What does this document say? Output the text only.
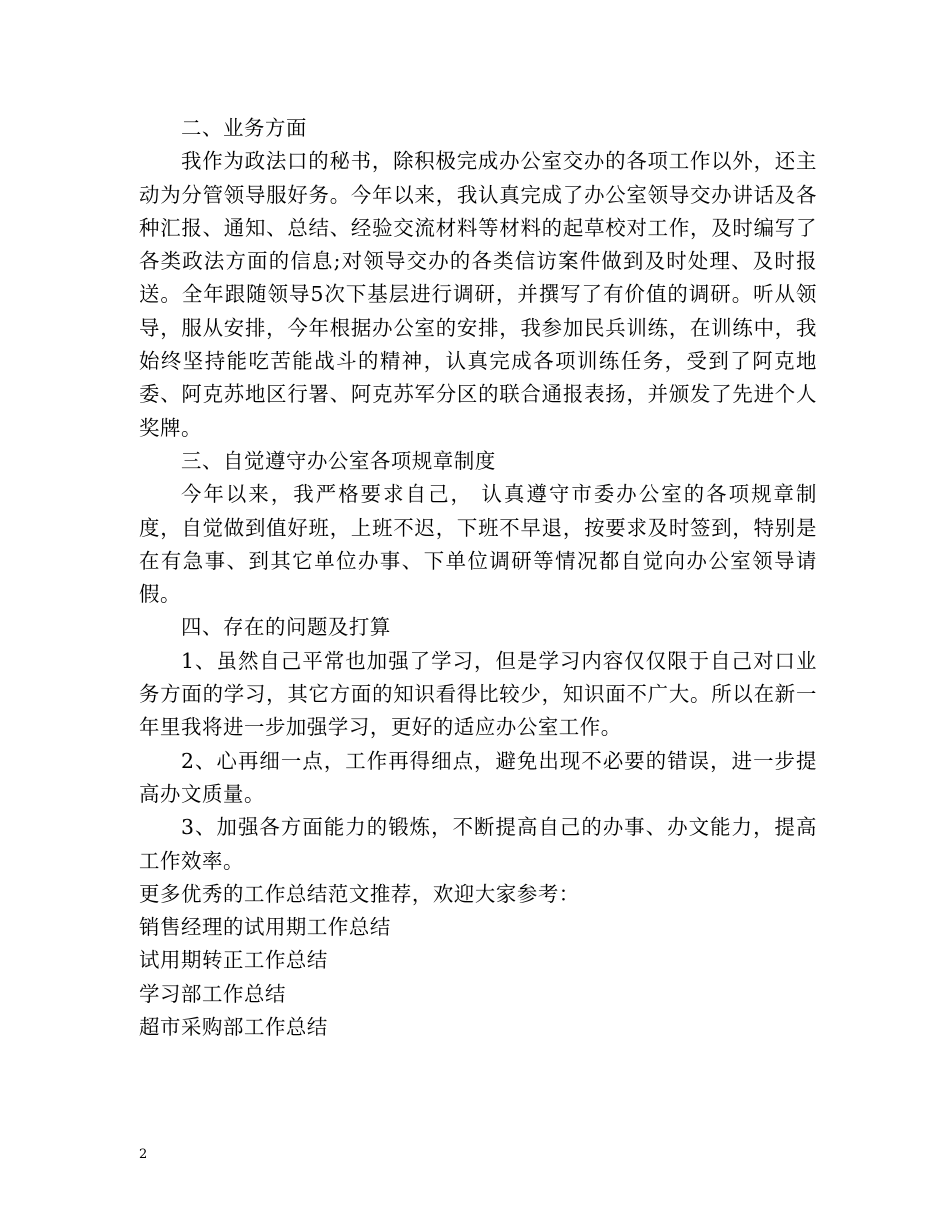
二、业务方面

我作为政法口的秘书，除积极完成办公室交办的各项工作以外，还主动为分管领导服好务。今年以来，我认真完成了办公室领导交办讲话及各种汇报、通知、总结、经验交流材料等材料的起草校对工作，及时编写了各类政法方面的信息;对领导交办的各类信访案件做到及时处理、及时报送。全年跟随领导5次下基层进行调研，并撰写了有价值的调研。听从领导，服从安排，今年根据办公室的安排，我参加民兵训练，在训练中，我始终坚持能吃苦能战斗的精神，认真完成各项训练任务，受到了阿克地委、阿克苏地区行署、阿克苏军分区的联合通报表扬，并颁发了先进个人奖牌。

三、自觉遵守办公室各项规章制度

今年以来，我严格要求自己， 认真遵守市委办公室的各项规章制度，自觉做到值好班，上班不迟，下班不早退，按要求及时签到，特别是在有急事、到其它单位办事、下单位调研等情况都自觉向办公室领导请假。

四、存在的问题及打算

1、虽然自己平常也加强了学习，但是学习内容仅仅限于自己对口业务方面的学习，其它方面的知识看得比较少，知识面不广大。所以在新一年里我将进一步加强学习，更好的适应办公室工作。

2、心再细一点，工作再得细点，避免出现不必要的错误，进一步提高办文质量。

3、加强各方面能力的锻炼，不断提高自己的办事、办文能力，提高工作效率。

更多优秀的工作总结范文推荐，欢迎大家参考：

销售经理的试用期工作总结
试用期转正工作总结
学习部工作总结
超市采购部工作总结
2
